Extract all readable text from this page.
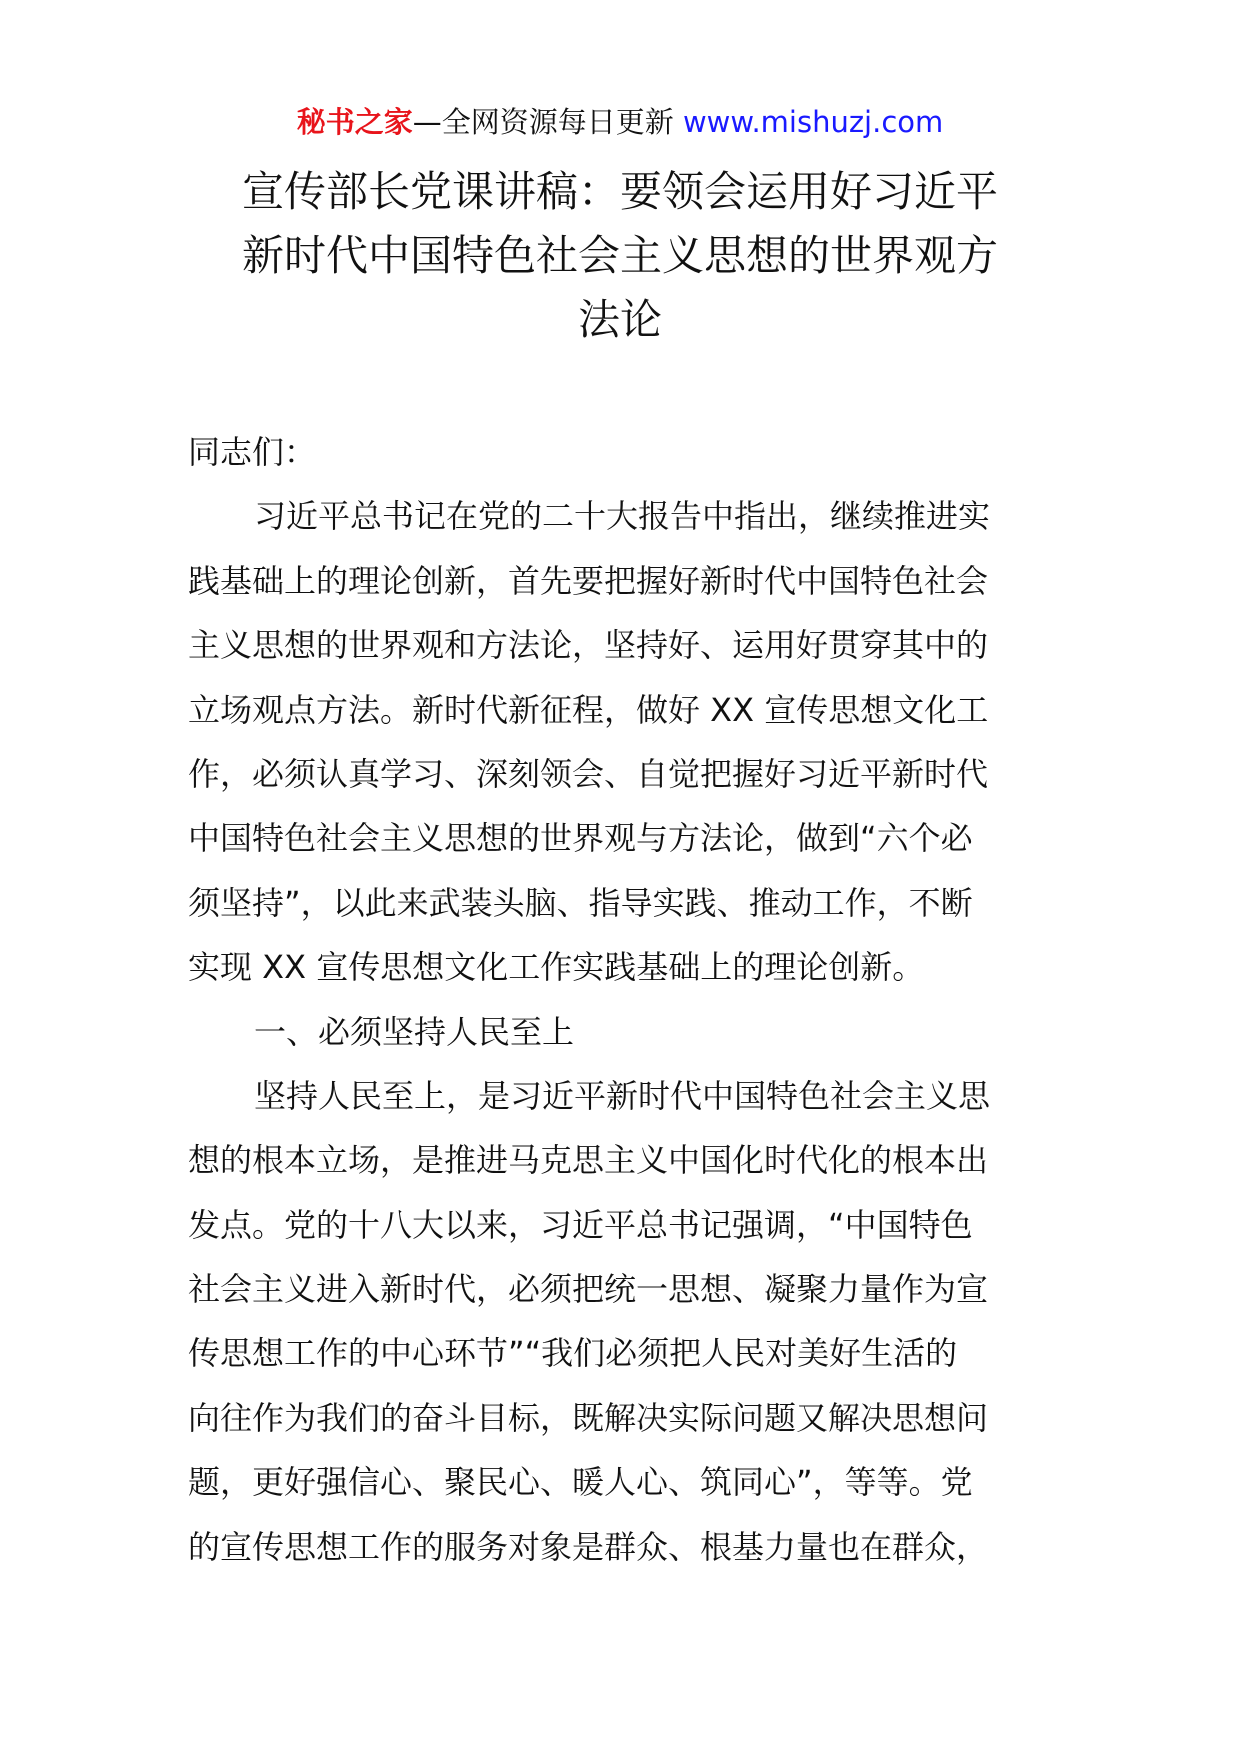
秘书之家—全网资源每日更新 www.mishuzj.com
宣传部长党课讲稿：要领会运用好习近平
新时代中国特色社会主义思想的世界观方
法论
同志们：
习近平总书记在党的二十大报告中指出，继续推进实
践基础上的理论创新，首先要把握好新时代中国特色社会
主义思想的世界观和方法论，坚持好、运用好贯穿其中的
立场观点方法。新时代新征程，做好 XX 宣传思想文化工
作，必须认真学习、深刻领会、自觉把握好习近平新时代
中国特色社会主义思想的世界观与方法论，做到“六个必
须坚持”，以此来武装头脑、指导实践、推动工作，不断
实现 XX 宣传思想文化工作实践基础上的理论创新。
一、必须坚持人民至上
坚持人民至上，是习近平新时代中国特色社会主义思
想的根本立场，是推进马克思主义中国化时代化的根本出
发点。党的十八大以来，习近平总书记强调，“中国特色
社会主义进入新时代，必须把统一思想、凝聚力量作为宣
传思想工作的中心环节”“我们必须把人民对美好生活的
向往作为我们的奋斗目标，既解决实际问题又解决思想问
题，更好强信心、聚民心、暖人心、筑同心”，等等。党
的宣传思想工作的服务对象是群众、根基力量也在群众，
